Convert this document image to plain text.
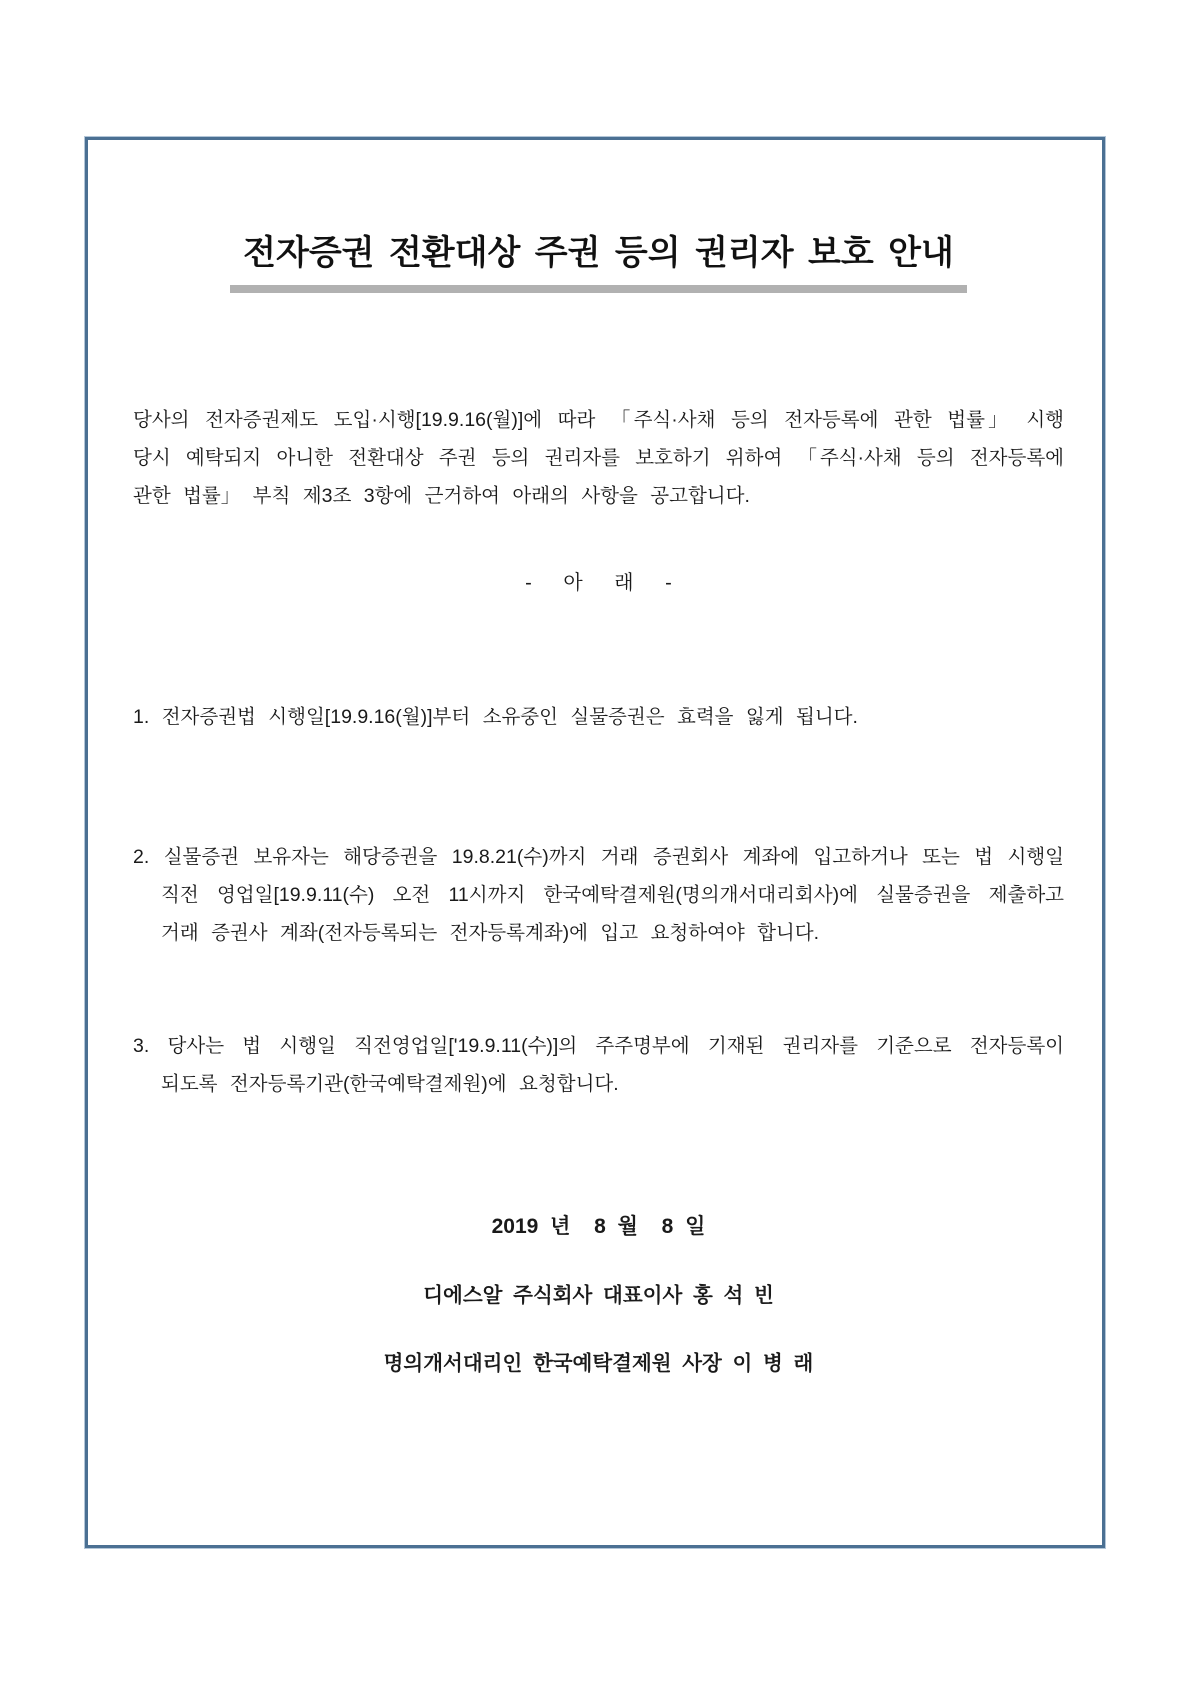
전자증권 전환대상 주권 등의 권리자 보호 안내

당사의 전자증권제도 도입·시행[19.9.16(월)]에 따라 「주식·사채 등의 전자등록에 관한 법률」 시행 당시 예탁되지 아니한 전환대상 주권 등의 권리자를 보호하기 위하여 「주식·사채 등의 전자등록에 관한 법률」 부칙 제3조 3항에 근거하여 아래의 사항을 공고합니다.

- 아 래 -
1. 전자증권법 시행일[19.9.16(월)]부터 소유중인 실물증권은 효력을 잃게 됩니다.
2. 실물증권 보유자는 해당증권을 19.8.21(수)까지 거래 증권회사 계좌에 입고하거나 또는 법 시행일 직전 영업일[19.9.11(수) 오전 11시까지 한국예탁결제원(명의개서대리회사)에 실물증권을 제출하고 거래 증권사 계좌(전자등록되는 전자등록계좌)에 입고 요청하여야 합니다.
3. 당사는 법 시행일 직전영업일['19.9.11(수)]의 주주명부에 기재된 권리자를 기준으로 전자등록이 되도록 전자등록기관(한국예탁결제원)에 요청합니다.
2019 년  8 월  8 일
디에스알 주식회사 대표이사 홍 석 빈
명의개서대리인 한국예탁결제원 사장 이 병 래
